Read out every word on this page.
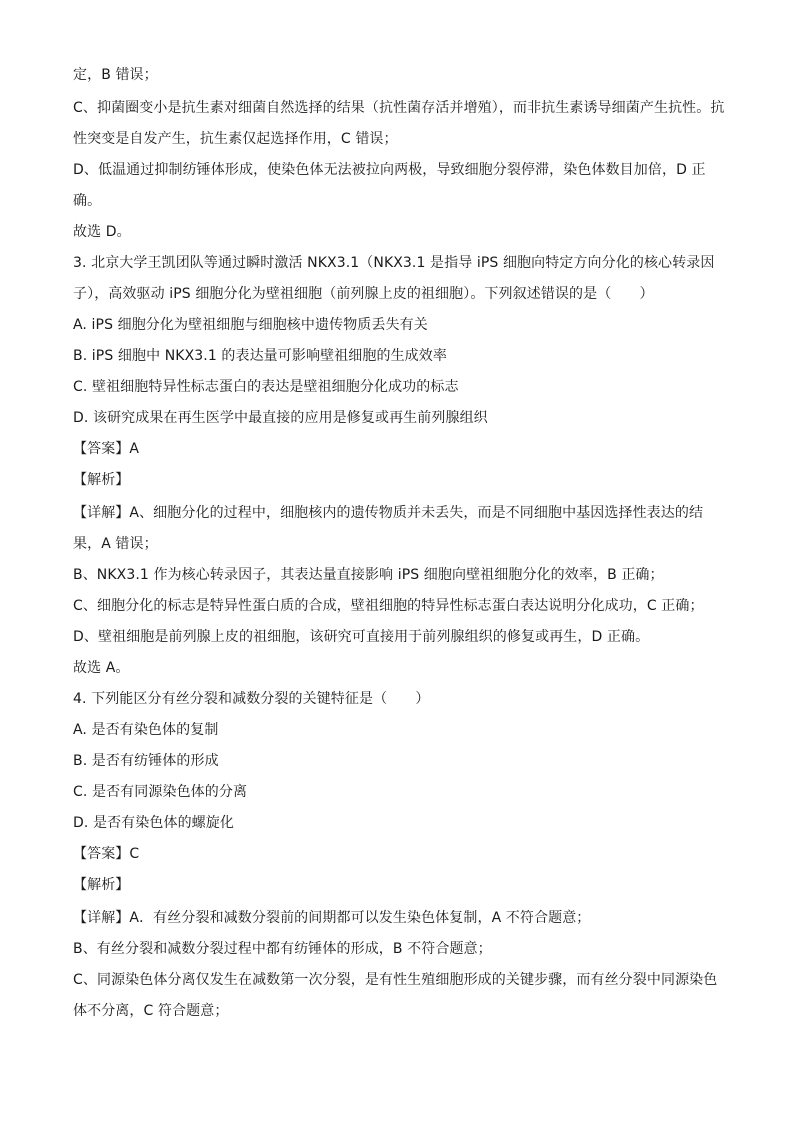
定，B 错误；
C、抑菌圈变小是抗生素对细菌自然选择的结果（抗性菌存活并增殖），而非抗生素诱导细菌产生抗性。抗
性突变是自发产生，抗生素仅起选择作用，C 错误；
D、低温通过抑制纺锤体形成，使染色体无法被拉向两极，导致细胞分裂停滞，染色体数目加倍，D 正
确。
故选 D。
3. 北京大学王凯团队等通过瞬时激活 NKX3.1（NKX3.1 是指导 iPS 细胞向特定方向分化的核心转录因
子），高效驱动 iPS 细胞分化为壁祖细胞（前列腺上皮的祖细胞）。下列叙述错误的是（　　）
A. iPS 细胞分化为壁祖细胞与细胞核中遗传物质丢失有关
B. iPS 细胞中 NKX3.1 的表达量可影响壁祖细胞的生成效率
C. 壁祖细胞特异性标志蛋白的表达是壁祖细胞分化成功的标志
D. 该研究成果在再生医学中最直接的应用是修复或再生前列腺组织
【答案】A
【解析】
【详解】A、细胞分化的过程中，细胞核内的遗传物质并未丢失，而是不同细胞中基因选择性表达的结
果，A 错误；
B、NKX3.1 作为核心转录因子，其表达量直接影响 iPS 细胞向壁祖细胞分化的效率，B 正确；
C、细胞分化的标志是特异性蛋白质的合成，壁祖细胞的特异性标志蛋白表达说明分化成功，C 正确；
D、壁祖细胞是前列腺上皮的祖细胞，该研究可直接用于前列腺组织的修复或再生，D 正确。
故选 A。
4. 下列能区分有丝分裂和减数分裂的关键特征是（　　）
A. 是否有染色体的复制
B. 是否有纺锤体的形成
C. 是否有同源染色体的分离
D. 是否有染色体的螺旋化
【答案】C
【解析】
【详解】A．有丝分裂和减数分裂前的间期都可以发生染色体复制，A 不符合题意；
B、有丝分裂和减数分裂过程中都有纺锤体的形成，B 不符合题意；
C、同源染色体分离仅发生在减数第一次分裂，是有性生殖细胞形成的关键步骤，而有丝分裂中同源染色
体不分离，C 符合题意；
